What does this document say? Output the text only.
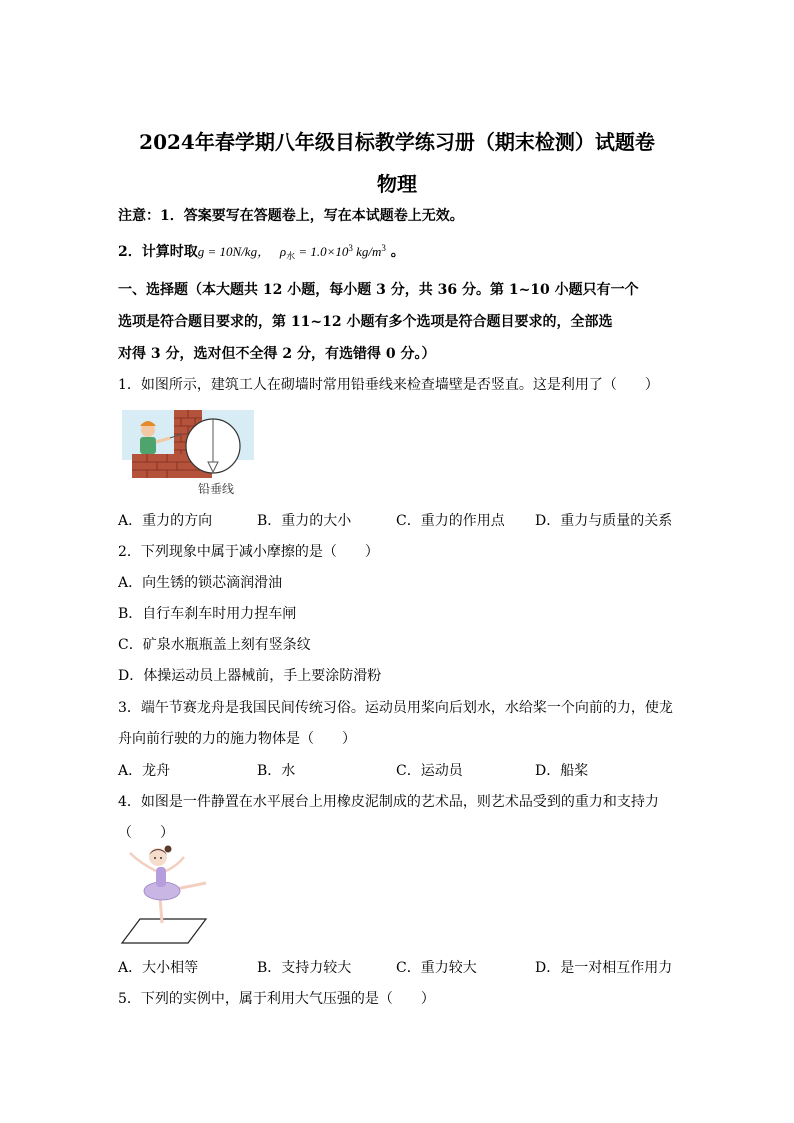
2024年春学期八年级目标教学练习册（期末检测）试题卷
物理
注意：1．答案要写在答题卷上，写在本试题卷上无效。
2．计算时取g = 10N/kg， $\rho_水 = 1.0\times 10^3$ $kg/m^3$ 。
一、选择题（本大题共 12 小题，每小题 3 分，共 36 分。第 1~10 小题只有一个
选项是符合题目要求的，第 11~12 小题有多个选项是符合题目要求的，全部选
对得 3 分，选对但不全得 2 分，有选错得 0 分。）
1．如图所示，建筑工人在砌墙时常用铅垂线来检查墙壁是否竖直。这是利用了（　　）
铅垂线
A．重力的方向	B．重力的大小	C．重力的作用点 D．重力与质量的关系
2．下列现象中属于减小摩擦的是（　　）
A．向生锈的锁芯滴润滑油
B．自行车刹车时用力捏车闸
C．矿泉水瓶瓶盖上刻有竖条纹
D．体操运动员上器械前，手上要涂防滑粉
3．端午节赛龙舟是我国民间传统习俗。运动员用桨向后划水，水给桨一个向前的力，使龙
舟向前行驶的力的施力物体是（　　）
A．龙舟	B．水	C．运动员	D．船桨
4．如图是一件静置在水平展台上用橡皮泥制成的艺术品，则艺术品受到的重力和支持力
（　　）
A．大小相等	B．支持力较大	C．重力较大	D．是一对相互作用力
5．下列的实例中，属于利用大气压强的是（　　）
